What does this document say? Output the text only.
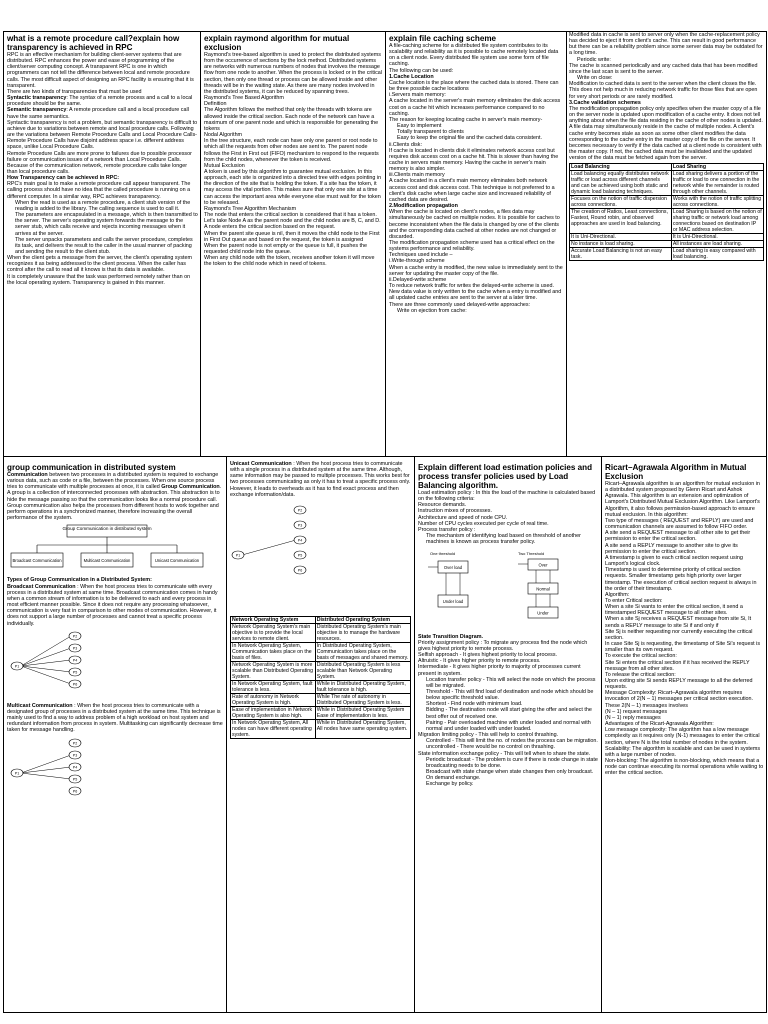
what is a remote procedure call?explain how transparency is achieved in RPC

RPC is an effective mechanism for building client-server systems that are distributed. RPC enhances the power and ease of programming of the client/server computing concept. A transparent RPC is one in which programmers can not tell the difference between local and remote procedure calls. The most difficult aspect of designing an RPC facility is ensuring that it is transparent.

There are two kinds of transparencies that must be used

Syntactic transparency: The syntax of a remote process and a call to a local procedure should be the same.

Semantic transparency: A remote procedure call and a local procedure call have the same semantics.

Syntactic transparency is not a problem, but semantic transparency is difficult to achieve due to variations between remote and local procedure calls. Following are the variations between Remote Procedure Calls and Local Procedure Calls- Remote Procedure Calls have disjoint address space i.e. different address space, unlike Local Procedure Calls.

Remote Procedure Calls are more prone to failures due to possible processor failure or communication issues of a network than Local Procedure Calls.

Because of the communication network, remote procedure calls take longer than local procedure calls.

How Transparency can be achieved in RPC:

RPC's main goal is to make a remote procedure call appear transparent. The calling process should have no idea that the called procedure is running on a different computer. In a similar way, RPC achieves transparency.

When the read is used as a remote procedure, a client stub version of the reading is added to the library. The calling sequence is used to call it.

The parameters are encapsulated in a message, which is then transmitted to the server. The server's operating system forwards the message to the server stub, which calls receive and rejects incoming messages when it arrives at the server.

The server unpacks parameters and calls the server procedure, completes its task, and delivers the result to the caller in the usual manner of packing and sending the result to the client stub.

When the client gets a message from the server, the client's operating system recognizes it as being addressed to the client process. When the caller has control after the call to read all it knows is that its data is available.

It is completely unaware that the task was performed remotely rather than on the local operating system. Transparency is gained in this manner.

explain raymond algorithm for mutual exclusion

Raymond's tree-based algorithm is used to protect the distributed systems from the occurrence of sections by the lock method. Distributed systems are networks with numerous numbers of nodes that involves the message flow from one node to another. When the process is locked or in the critical section, then only one thread or process can be allowed inside and other threads will be in the waiting state. As there are many nodes involved in the distributed systems, it can be reduced by spanning trees.

Raymond's Tree Based Algorithm

Definition

The Algorithm follows the method that only the threads with tokens are allowed inside the critical section. Each node of the network can have a maximum of one parent node and which is responsible for generating the tokens

Nodal Algorithm

In the tree structure, each node can have only one parent or root node to which all the requests from other nodes are sent to. The parent node follows the First in First out (FIFO) mechanism to respond to the requests from the child nodes, whenever the token is received.

Mutual Exclusion

A token is used by this algorithm to guarantee mutual exclusion. In this approach, each site is organized into a directed tree with edges pointing in the direction of the site that is holding the token. If a site has the token, it may access the vital portion. This makes sure that only one site at a time can access the important area while everyone else must wait for the token to be released.

Raymond's Tree Algorithm Mechanism

The node that enters the critical section is considered that it has a token. Let's take Node A as the parent node and the child nodes are B, C, and D.

A node enters the critical section based on the request.

When the parent site queue is nil, then it moves the child node to the First in First Out queue and based on the request, the token is assigned

When the parent node is not empty or the queue is full, it pushes the requested child node into the queue.

When any child node with the token, receives another token it will move the token to the child node which in need of tokens.

explain file caching scheme

A file-caching scheme for a distributed file system contributes to its scalability and reliability as it is possible to cache remotely located data on a client node. Every distributed file system use some form of file caching.

The following can be used:

1.Cache Location

Cache location is the place where the cached data is stored. There can be three possible cache locations

i.Servers main memory:

A cache located in the server's main memory eliminates the disk access cost on a cache hit which increases performance compared to no caching.

The reason for keeping locating cache in server's main memory-

Easy to implement

Totally transparent to clients

Easy to keep the original file and the cached data consistent.

ii.Clients disk:

If cache is located in clients disk it eliminates network access cost but requires disk access cost on a cache hit. This is slower than having the cache in servers main memory. Having the cache in server's main memory is also simpler.

iii.Clients main memory

A cache located in a client's main memory eliminates both network access cost and disk access cost. This technique is not preferred to a client's disk cache when large cache size and increased reliability of cached data are desired.

2.Modification propagation

When the cache is located on client's nodes, a files data may simultaneously be cached on multiple nodes. It is possible for caches to become inconsistent when the file data is changed by one of the clients and the corresponding data cached at other nodes are not changed or discarded.

The modification propagation scheme used has a critical effect on the systems performance and reliability.

Techniques used include –

i.Write-through scheme

When a cache entry is modified, the new value is immediately sent to the server for updating the master copy of the file.

ii.Delayed-write scheme

To reduce network traffic for writes the delayed-write scheme is used. New data value is only written to the cache when a entry is modified and all updated cache entries are sent to the server at a later time.

There are three commonly used delayed-write approaches:

Write on ejection from cache:

Modified data in cache is sent to server only when the cache-replacement policy has decided to eject it from client's cache. This can result in good performance but there can be a reliability problem since some server data may be outdated for a long time.

Periodic write:

The cache is scanned periodically and any cached data that has been modified since the last scan is sent to the server.

Write on close:

Modification to cached data is sent to the server when the client closes the file. This does not help much in reducing network traffic for those files that are open for very short periods or are rarely modified.

3.Cache validation schemes

The modification propagation policy only specifies when the master copy of a file on the server node is updated upon modification of a cache entry. It does not tell anything about when the file data residing in the cache of other nodes is updated. A file data may simultaneously reside in the cache of multiple nodes. A client's cache entry becomes stale as soon as some other client modifies the data corresponding to the cache entry in the master copy of the file on the server. It becomes necessary to verify if the data cached at a client node is consistent with the master copy. If not, the cached data must be invalidated and the updated version of the data must be fetched again from the server.

Load Balancing	Load Sharing
Load balancing equally distributes network traffic or load across different channels and can be achieved using both static and dynamic load balancing techniques.	Load sharing delivers a portion of the traffic or load to one connection in the network while the remainder is routed through other channels.
Focuses on the notion of traffic dispersion across connections.	Works with the notion of traffic splitting across connections.
The creation of Ratios, Least connections, Fastest, Round robin, and observed approaches are used in load balancing.	Load Sharing is based on the notion of sharing traffic or network load among connections based on destination IP or MAC address selection.
It is Uni-Directional.	It is Uni-Directional.
No instance is load sharing.	All instances are load sharing.
Accurate Load Balancing is not an easy task.	Load sharing is easy compared with load balancing.

group communication in distributed system

Communication between two processes in a distributed system is required to exchange various data, such as code or a file, between the processes. When one source process tries to communicate with multiple processes at once, it is called Group Communication. A group is a collection of interconnected processes with abstraction. This abstraction is to hide the message passing so that the communication looks like a normal procedure call. Group communication also helps the processes from different hosts to work together and perform operations in a synchronized manner, therefore increasing the overall performance of the system.

Group Communication in distributed system
Broadcast Communication	Multicast Communication	Unicast Communication

Types of Group Communication in a Distributed System:

Broadcast Communication : When the host process tries to communicate with every process in a distributed system at same time. Broadcast communication comes in handy when a common stream of information is to be delivered to each and every process in most efficient manner possible. Since it does not require any processing whatsoever, communication is very fast in comparison to other modes of communication. However, it does not support a large number of processes and cannot treat a specific process individually.

P1
P2
P3
P4
P5
P6

Multicast Communication : When the host process tries to communicate with a designated group of processes in a distributed system at the same time. This technique is mainly used to find a way to address problem of a high workload on host system and redundant information from process in system. Multitasking can significantly decrease time taken for message handling.

P1
P2
P3
P4
P5
P6

Unicast Communication : When the host process tries to communicate with a single process in a distributed system at the same time. Although, same information may be passed to multiple processes. This works best for two processes communicating as only it has to treat a specific process only. However, it leads to overheads as it has to find exact process and then exchange information/data.

P1
P2
P3
P4
P5
P6
Network Operating System	Distributed Operating System
Network Operating System's main objective is to provide the local services to remote client.	Distributed Operating System's main objective is to manage the hardware resources.
In Network Operating System, Communication takes place on the basis of files.	In Distributed Operating System, Communication takes place on the basis of messages and shared memory.
Network Operating System is more scalable than Distributed Operating System.	Distributed Operating System is less scalable than Network Operating System.
In Network Operating System, fault tolerance is less.	While in Distributed Operating System, fault tolerance is high.
Rate of autonomy in Network Operating System is high.	While The rate of autonomy in Distributed Operating System is less.
Ease of implementation in Network Operating System is also high.	While in Distributed Operating System Ease of implementation is less.
In Network Operating System, All nodes can have different operating system.	While in Distributed Operating System, All nodes have same operating system.

Explain different load estimation policies and process transfer policies used by Load Balancing algorithm.

Load estimation policy : In this the load of the machine is calculated based on the following criteria:

Resource demands.

Instruction mixes of processes.

Architecture and speed of node CPU.

Number of CPU cycles executed per cycle of real time.

Process transfer policy :

The mechanism of identifying load based on threshold of another machines is known as process transfer policy.

One threshold	Two Threshold
Over load
Under load
Over
Normal
Under

State Transition Diagram.

Priority assignment policy : To migrate any process find the node which gives highest priority to remote process.

Selfish approach - It gives highest priority to local process.

Altruistic - It gives higher priority to remote process.

Intermediate - It gives higher priority to majority of processes current present in system.

Location transfer policy - This will select the node on which the process will be migrated.

Threshold - This will find load of destination and node which should be below specific threshold value.

Shortest - Find node with minimum load.

Bidding - The destination node will start giving the offer and select the best offer out of received one.

Pairing - Pair overloaded machine with under loaded and normal with normal and under loaded with under loaded.

Migration limiting policy - This will help to control thrashing.

Controlled - This will limit the no. of nodes the process can be migration.

uncontrolled - There would be no control on thrashing.

State information exchange policy - This will tell when to share the state.

Periodic broadcast - The problem is cure if there is node change in state broadcasting needs to be done.

Broadcast with state change when state changes then only broadcast.

On demand exchange.

Exchange by policy.

Ricart–Agrawala Algorithm in Mutual Exclusion

Ricart–Agrawala algorithm is an algorithm for mutual exclusion in a distributed system proposed by Glenn Ricart and Ashok Agrawala. This algorithm is an extension and optimization of Lamport's Distributed Mutual Exclusion Algorithm. Like Lamport's Algorithm, it also follows permission-based approach to ensure mutual exclusion. In this algorithm:

Two type of messages ( REQUEST and REPLY) are used and communication channels are assumed to follow FIFO order.

A site send a REQUEST message to all other site to get their permission to enter the critical section.

A site send a REPLY message to another site to give its permission to enter the critical section.

A timestamp is given to each critical section request using Lamport's logical clock.

Timestamp is used to determine priority of critical section requests. Smaller timestamp gets high priority over larger timestamp. The execution of critical section request is always in the order of their timestamp.

Algorithm:

To enter Critical section:

When a site Si wants to enter the critical section, it send a timestamped REQUEST message to all other sites.

When a site Sj receives a REQUEST message from site Si, It sends a REPLY message to site Si if and only if

Site Sj is neither requesting nor currently executing the critical section.

In case Site Sj is requesting, the timestamp of Site Si's request is smaller than its own request.

To execute the critical section:

Site Si enters the critical section if it has received the REPLY message from all other sites.

To release the critical section:

Upon exiting site Si sends REPLY message to all the deferred requests.

Message Complexity: Ricart–Agrawala algorithm requires invocation of 2(N – 1) messages per critical section execution. These 2(N – 1) messages involves

(N – 1) request messages

(N – 1) reply messages

Advantages of the Ricart-Agrawala Algorithm:

Low message complexity: The algorithm has a low message complexity as it requires only (N-1) messages to enter the critical section, where N is the total number of nodes in the system.

Scalability: The algorithm is scalable and can be used in systems with a large number of nodes.

Non-blocking: The algorithm is non-blocking, which means that a node can continue executing its normal operations while waiting to enter the critical section.
